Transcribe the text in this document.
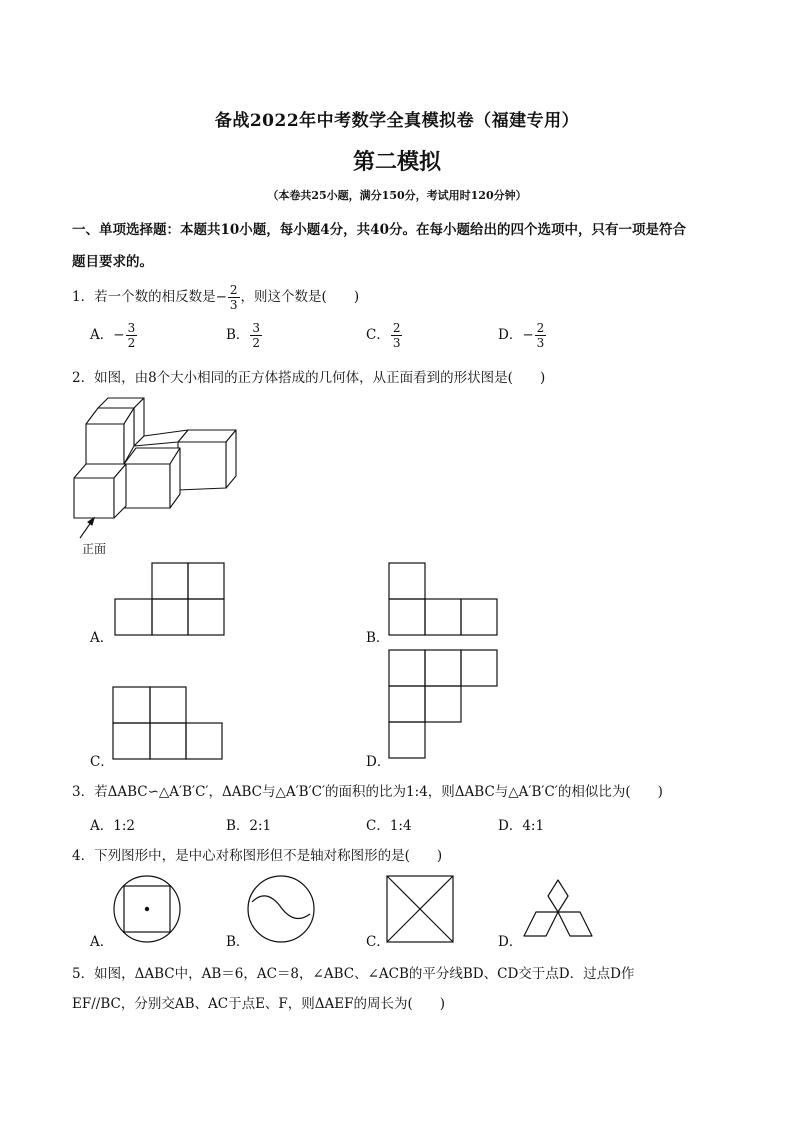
备战2022年中考数学全真模拟卷（福建专用）
第二模拟
（本卷共25小题，满分150分，考试用时120分钟）
一、单项选择题：本题共10小题，每小题4分，共40分。在每小题给出的四个选项中，只有一项是符合
题目要求的。
1．若一个数的相反数是− $\frac{2}{3}$ ，则这个数是(　　)
A．− $\frac{3}{2}$	B． $\frac{3}{2}$	C． $\frac{2}{3}$	D．− $\frac{2}{3}$
2．如图，由8个大小相同的正方体搭成的几何体，从正面看到的形状图是(　　)
正面
A．	B．
C．	D．
3．若ΔABC∽△A′B′C′，ΔABC与△A′B′C′的面积的比为1:4，则ΔABC与△A′B′C′的相似比为(　　)
A．1:2	B．2:1	C．1:4	D．4:1
4．下列图形中，是中心对称图形但不是轴对称图形的是(　　)
A．	B．	C．	D．
5．如图，ΔABC中，AB＝6，AC＝8，∠ABC、∠ACB的平分线BD、CD交于点D．过点D作
EF//BC，分别交AB、AC于点E、F，则ΔAEF的周长为(　　)
